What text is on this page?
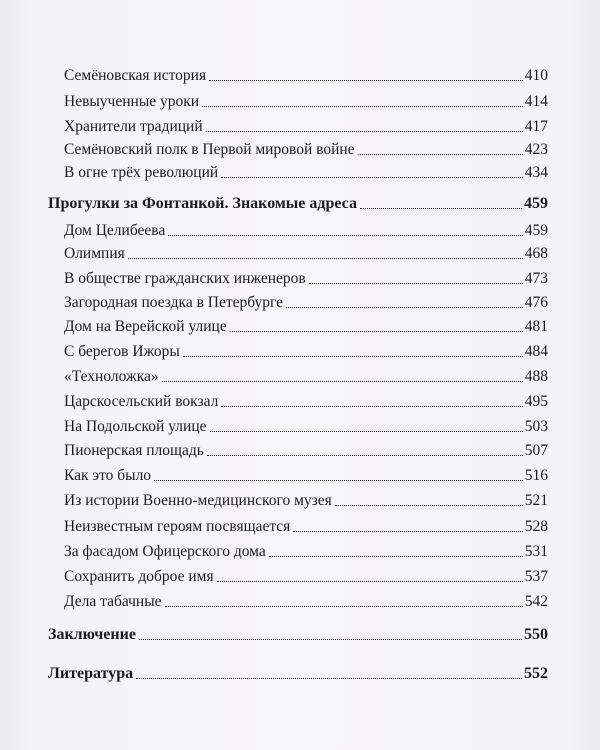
Семёновская история	410
Невыученные уроки	414
Хранители традиций	417
Семёновский полк в Первой мировой войне	423
В огне трёх революций	434
Прогулки за Фонтанкой. Знакомые адреса	459
Дом Целибеева	459
Олимпия	468
В обществе гражданских инженеров	473
Загородная поездка в Петербурге	476
Дом на Верейской улице	481
С берегов Ижоры	484
«Техноложка»	488
Царскосельский вокзал	495
На Подольской улице	503
Пионерская площадь	507
Как это было	516
Из истории Военно-медицинского музея	521
Неизвестным героям посвящается	528
За фасадом Офицерского дома	531
Сохранить доброе имя	537
Дела табачные	542
Заключение	550
Литература	552
